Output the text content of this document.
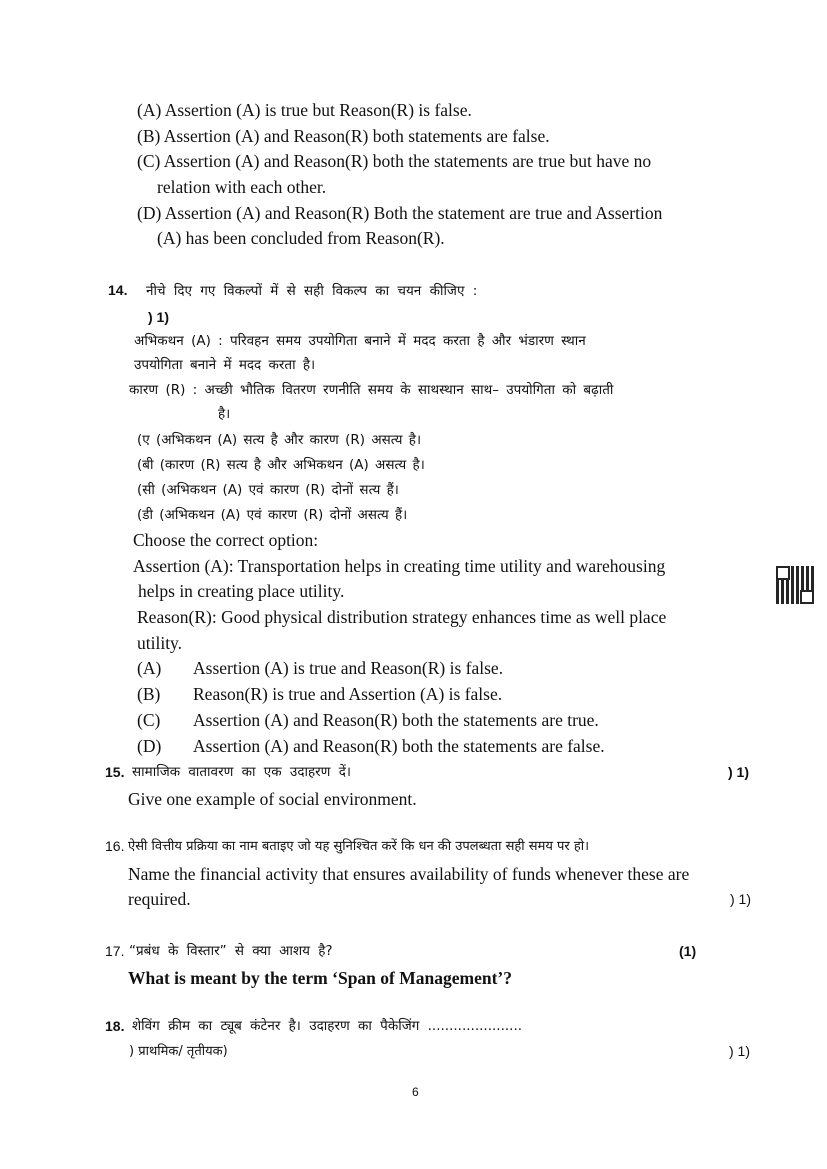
(A) Assertion (A) is true but Reason(R) is false.
(B) Assertion (A) and Reason(R) both statements are false.
(C) Assertion (A) and Reason(R) both the statements are true but have no
relation with each other.
(D) Assertion (A) and Reason(R) Both the statement are true and Assertion
(A) has been concluded from Reason(R).
14. नीचे दिए गए विकल्पों में से सही विकल्प का चयन कीजिए :
) 1)
अभिकथन (A) : परिवहन समय उपयोगिता बनाने में मदद करता है और भंडारण स्थान
उपयोगिता बनाने में मदद करता है।
कारण (R) : अच्छी भौतिक वितरण रणनीति समय के साथस्थान साथ– उपयोगिता को बढ़ाती
है।
(ए (अभिकथन (A) सत्य है और कारण (R) असत्य है।
(बी (कारण (R) सत्य है और अभिकथन (A) असत्य है।
(सी (अभिकथन (A) एवं कारण (R) दोनों सत्य हैं।
(डी (अभिकथन (A) एवं कारण (R) दोनों असत्य हैं।
Choose the correct option:
Assertion (A): Transportation helps in creating time utility and warehousing
helps in creating place utility.
Reason(R): Good physical distribution strategy enhances time as well place
utility.
(A) Assertion (A) is true and Reason(R) is false.
(B) Reason(R) is true and Assertion (A) is false.
(C) Assertion (A) and Reason(R) both the statements are true.
(D) Assertion (A) and Reason(R) both the statements are false.
15. सामाजिक वातावरण का एक उदाहरण दें।	) 1)
Give one example of social environment.
16. ऐसी वित्तीय प्रक्रिया का नाम बताइए जो यह सुनिश्चित करें कि धन की उपलब्धता सही समय पर हो।
Name the financial activity that ensures availability of funds whenever these are
required.	) 1)
17. “प्रबंध के विस्तार” से क्या आशय है?	(1)
What is meant by the term ‘Span of Management’?
18. शेविंग क्रीम का ट्यूब कंटेनर है। उदाहरण का पैकेजिंग ......................
) प्राथमिक/ तृतीयक)	) 1)
6
